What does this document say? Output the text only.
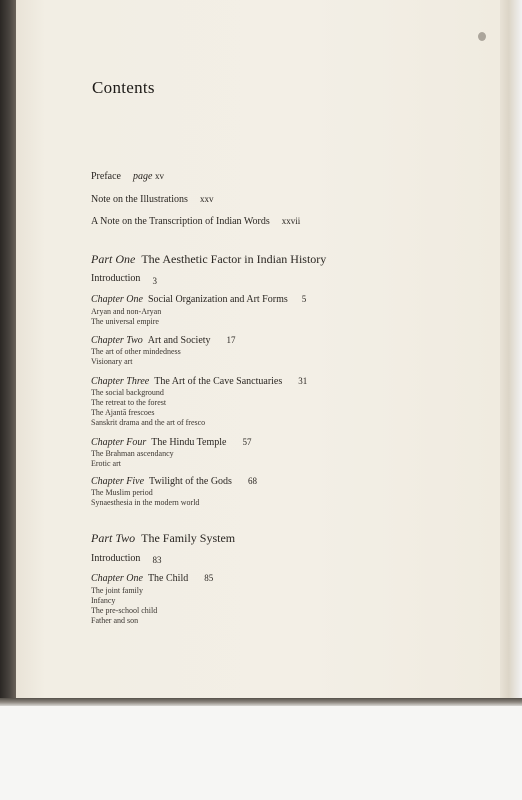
Contents
Preface page xv
Note on the Illustrations xxv
A Note on the Transcription of Indian Words xxvii
Part One The Aesthetic Factor in Indian History
Introduction 3
Chapter One Social Organization and Art Forms 5
Aryan and non-Aryan
The universal empire
Chapter Two Art and Society 17
The art of other mindedness
Visionary art
Chapter Three The Art of the Cave Sanctuaries 31
The social background
The retreat to the forest
The Ajantā frescoes
Sanskrit drama and the art of fresco
Chapter Four The Hindu Temple 57
The Brahman ascendancy
Erotic art
Chapter Five Twilight of the Gods 68
The Muslim period
Synaesthesia in the modern world
Part Two The Family System
Introduction 83
Chapter One The Child 85
The joint family
Infancy
The pre-school child
Father and son
